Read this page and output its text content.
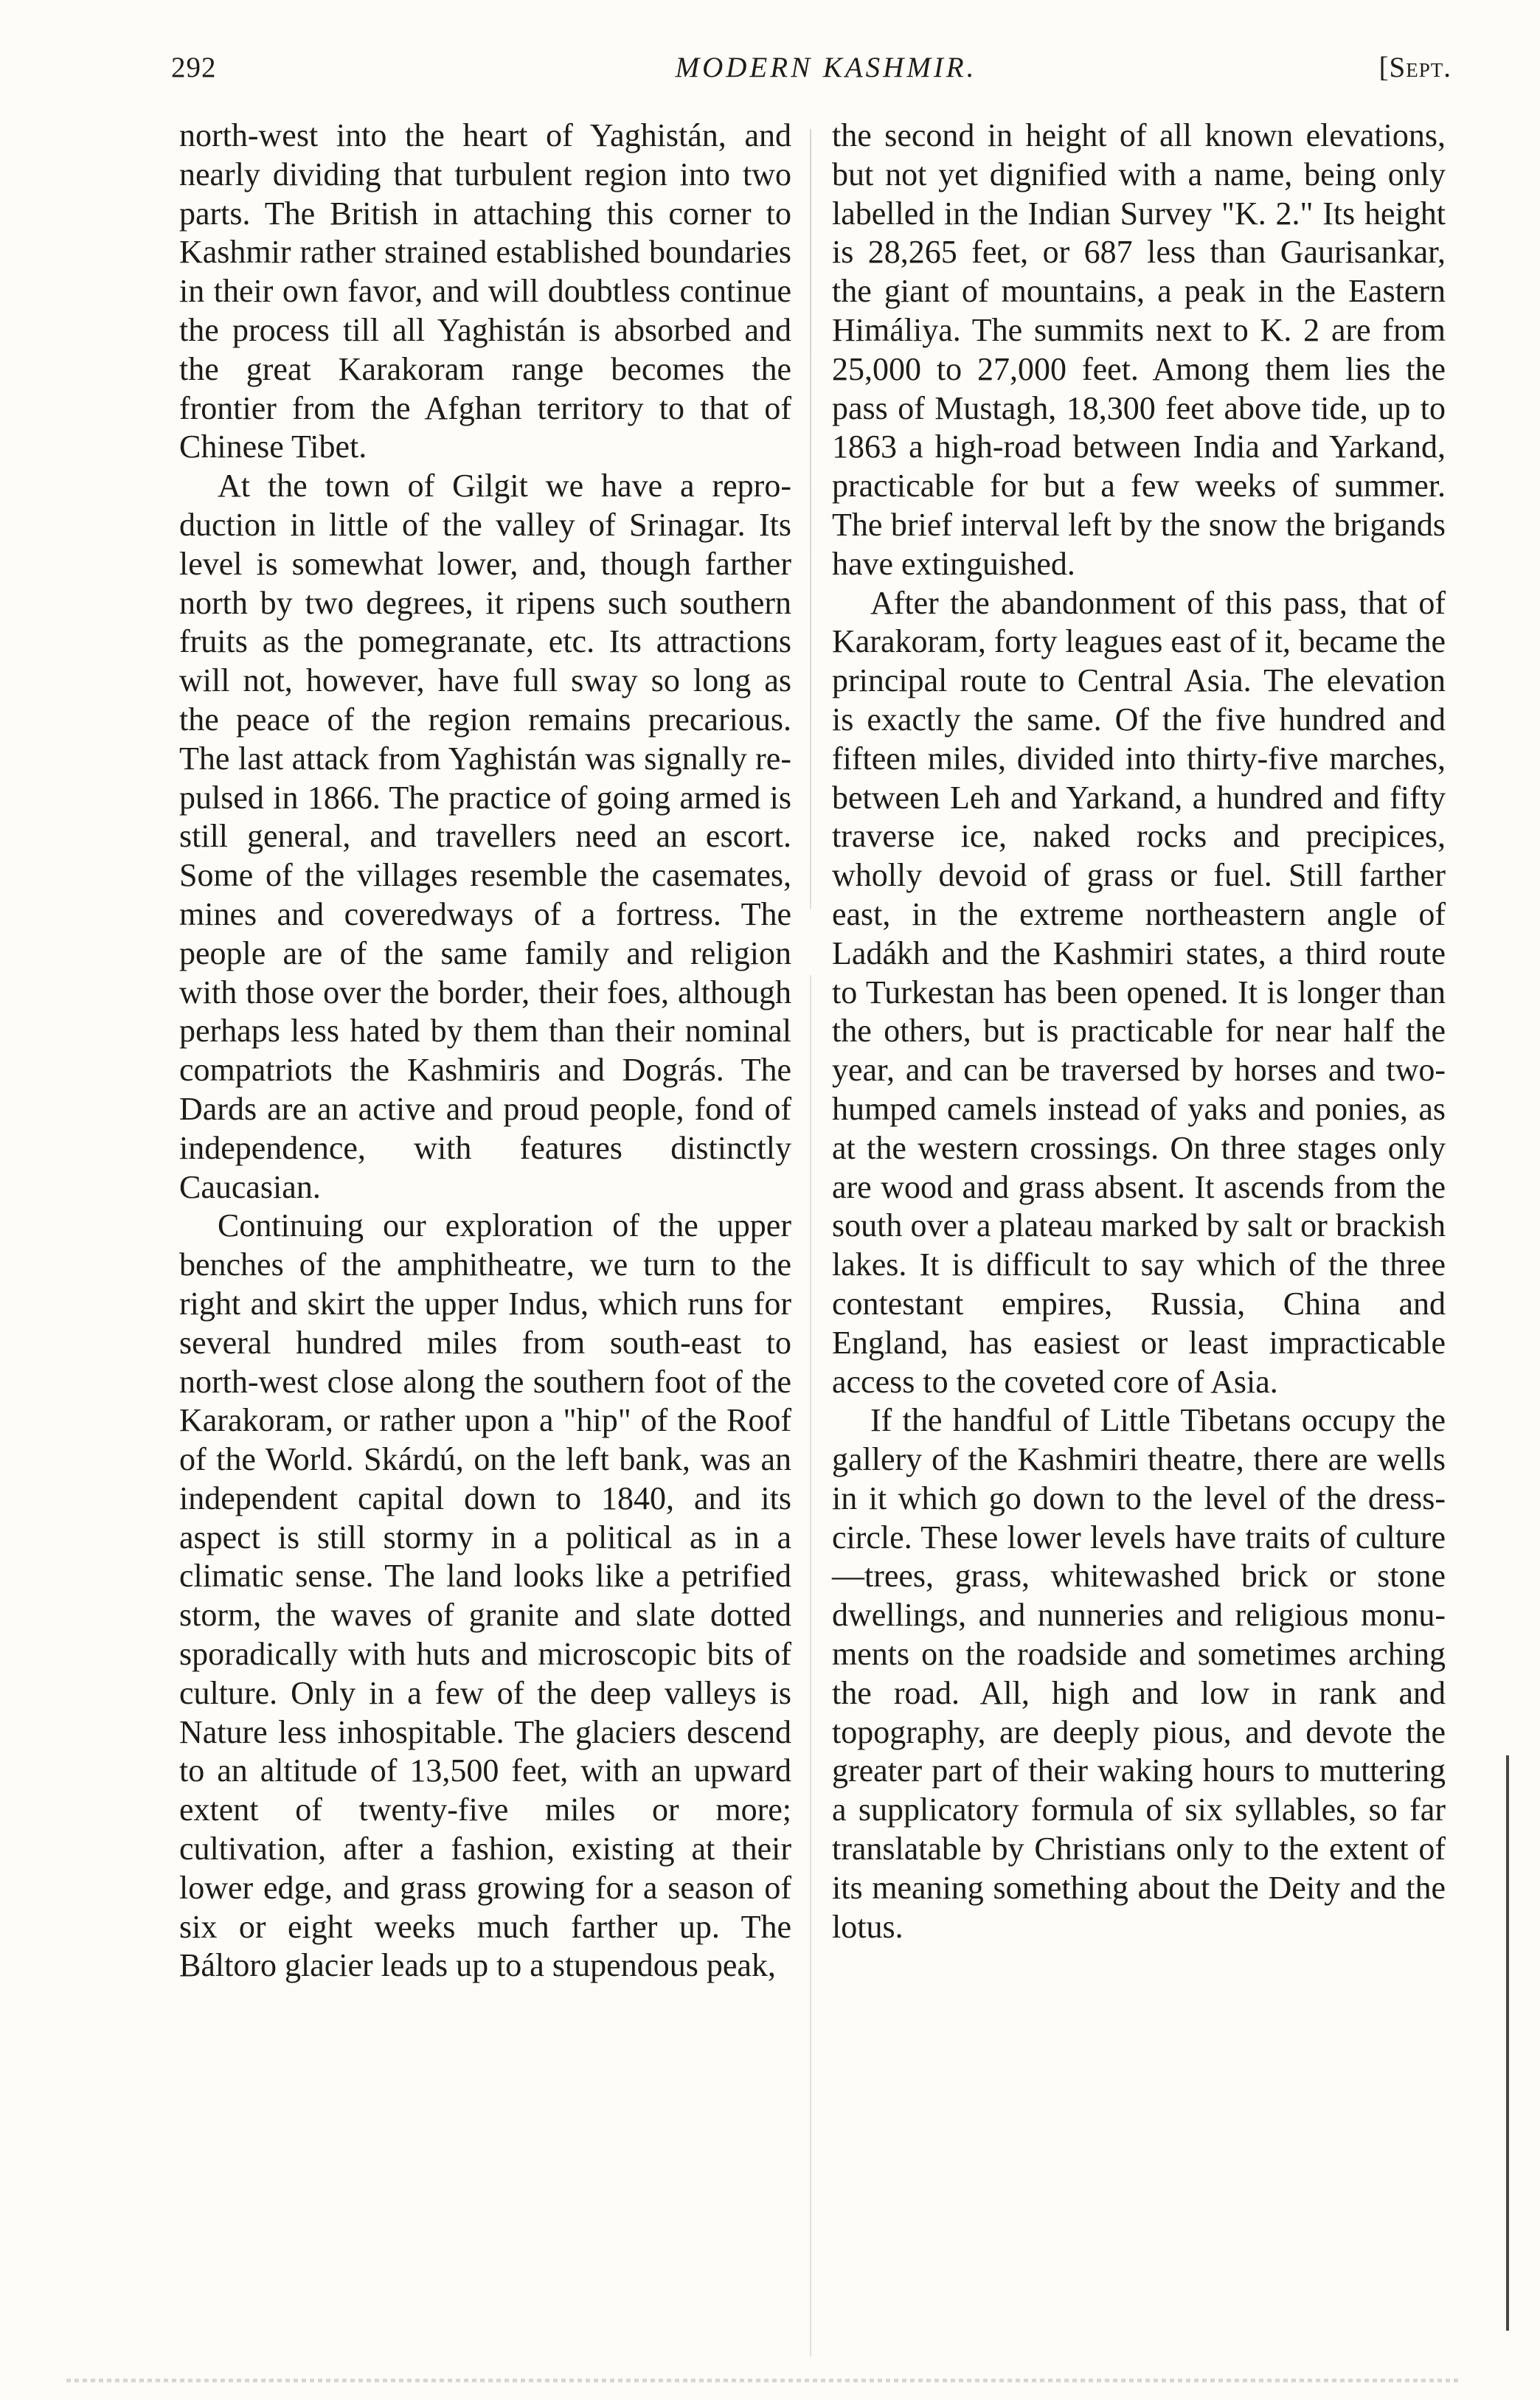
292	MODERN KASHMIR.	[Sept.

north-west into the heart of Yaghistán, and nearly dividing that turbulent region into two parts. The British in attaching this corner to Kashmir rather strained established boundaries in their own favor, and will doubtless continue the process till all Yaghistán is absorbed and the great Karakoram range becomes the frontier from the Afghan territory to that of Chinese Tibet.

At the town of Gilgit we have a reproduction in little of the valley of Srinagar. Its level is somewhat lower, and, though farther north by two degrees, it ripens such southern fruits as the pomegranate, etc. Its attractions will not, however, have full sway so long as the peace of the region remains precarious. The last attack from Yaghistán was signally repulsed in 1866. The practice of going armed is still general, and travellers need an escort. Some of the villages resemble the casemates, mines and coveredways of a fortress. The people are of the same family and religion with those over the border, their foes, although perhaps less hated by them than their nominal compatriots the Kashmiris and Dográs. The Dards are an active and proud people, fond of independence, with features distinctly Caucasian.

Continuing our exploration of the upper benches of the amphitheatre, we turn to the right and skirt the upper Indus, which runs for several hundred miles from south-east to north-west close along the southern foot of the Karakoram, or rather upon a "hip" of the Roof of the World. Skárdú, on the left bank, was an independent capital down to 1840, and its aspect is still stormy in a political as in a climatic sense. The land looks like a petrified storm, the waves of granite and slate dotted sporadically with huts and microscopic bits of culture. Only in a few of the deep valleys is Nature less inhospitable. The glaciers descend to an altitude of 13,500 feet, with an upward extent of twenty-five miles or more; cultivation, after a fashion, existing at their lower edge, and grass growing for a season of six or eight weeks much farther up. The Báltoro glacier leads up to a stupendous peak,

the second in height of all known elevations, but not yet dignified with a name, being only labelled in the Indian Survey "K. 2." Its height is 28,265 feet, or 687 less than Gaurisankar, the giant of mountains, a peak in the Eastern Himáliya. The summits next to K. 2 are from 25,000 to 27,000 feet. Among them lies the pass of Mustagh, 18,300 feet above tide, up to 1863 a high-road between India and Yarkand, practicable for but a few weeks of summer. The brief interval left by the snow the brigands have extinguished.

After the abandonment of this pass, that of Karakoram, forty leagues east of it, became the principal route to Central Asia. The elevation is exactly the same. Of the five hundred and fifteen miles, divided into thirty-five marches, between Leh and Yarkand, a hundred and fifty traverse ice, naked rocks and precipices, wholly devoid of grass or fuel. Still farther east, in the extreme northeastern angle of Ladákh and the Kashmiri states, a third route to Turkestan has been opened. It is longer than the others, but is practicable for near half the year, and can be traversed by horses and two-humped camels instead of yaks and ponies, as at the western crossings. On three stages only are wood and grass absent. It ascends from the south over a plateau marked by salt or brackish lakes. It is difficult to say which of the three contestant empires, Russia, China and England, has easiest or least impracticable access to the coveted core of Asia.

If the handful of Little Tibetans occupy the gallery of the Kashmiri theatre, there are wells in it which go down to the level of the dress-circle. These lower levels have traits of culture—trees, grass, whitewashed brick or stone dwellings, and nunneries and religious monuments on the roadside and sometimes arching the road. All, high and low in rank and topography, are deeply pious, and devote the greater part of their waking hours to muttering a supplicatory formula of six syllables, so far translatable by Christians only to the extent of its meaning something about the Deity and the lotus.
